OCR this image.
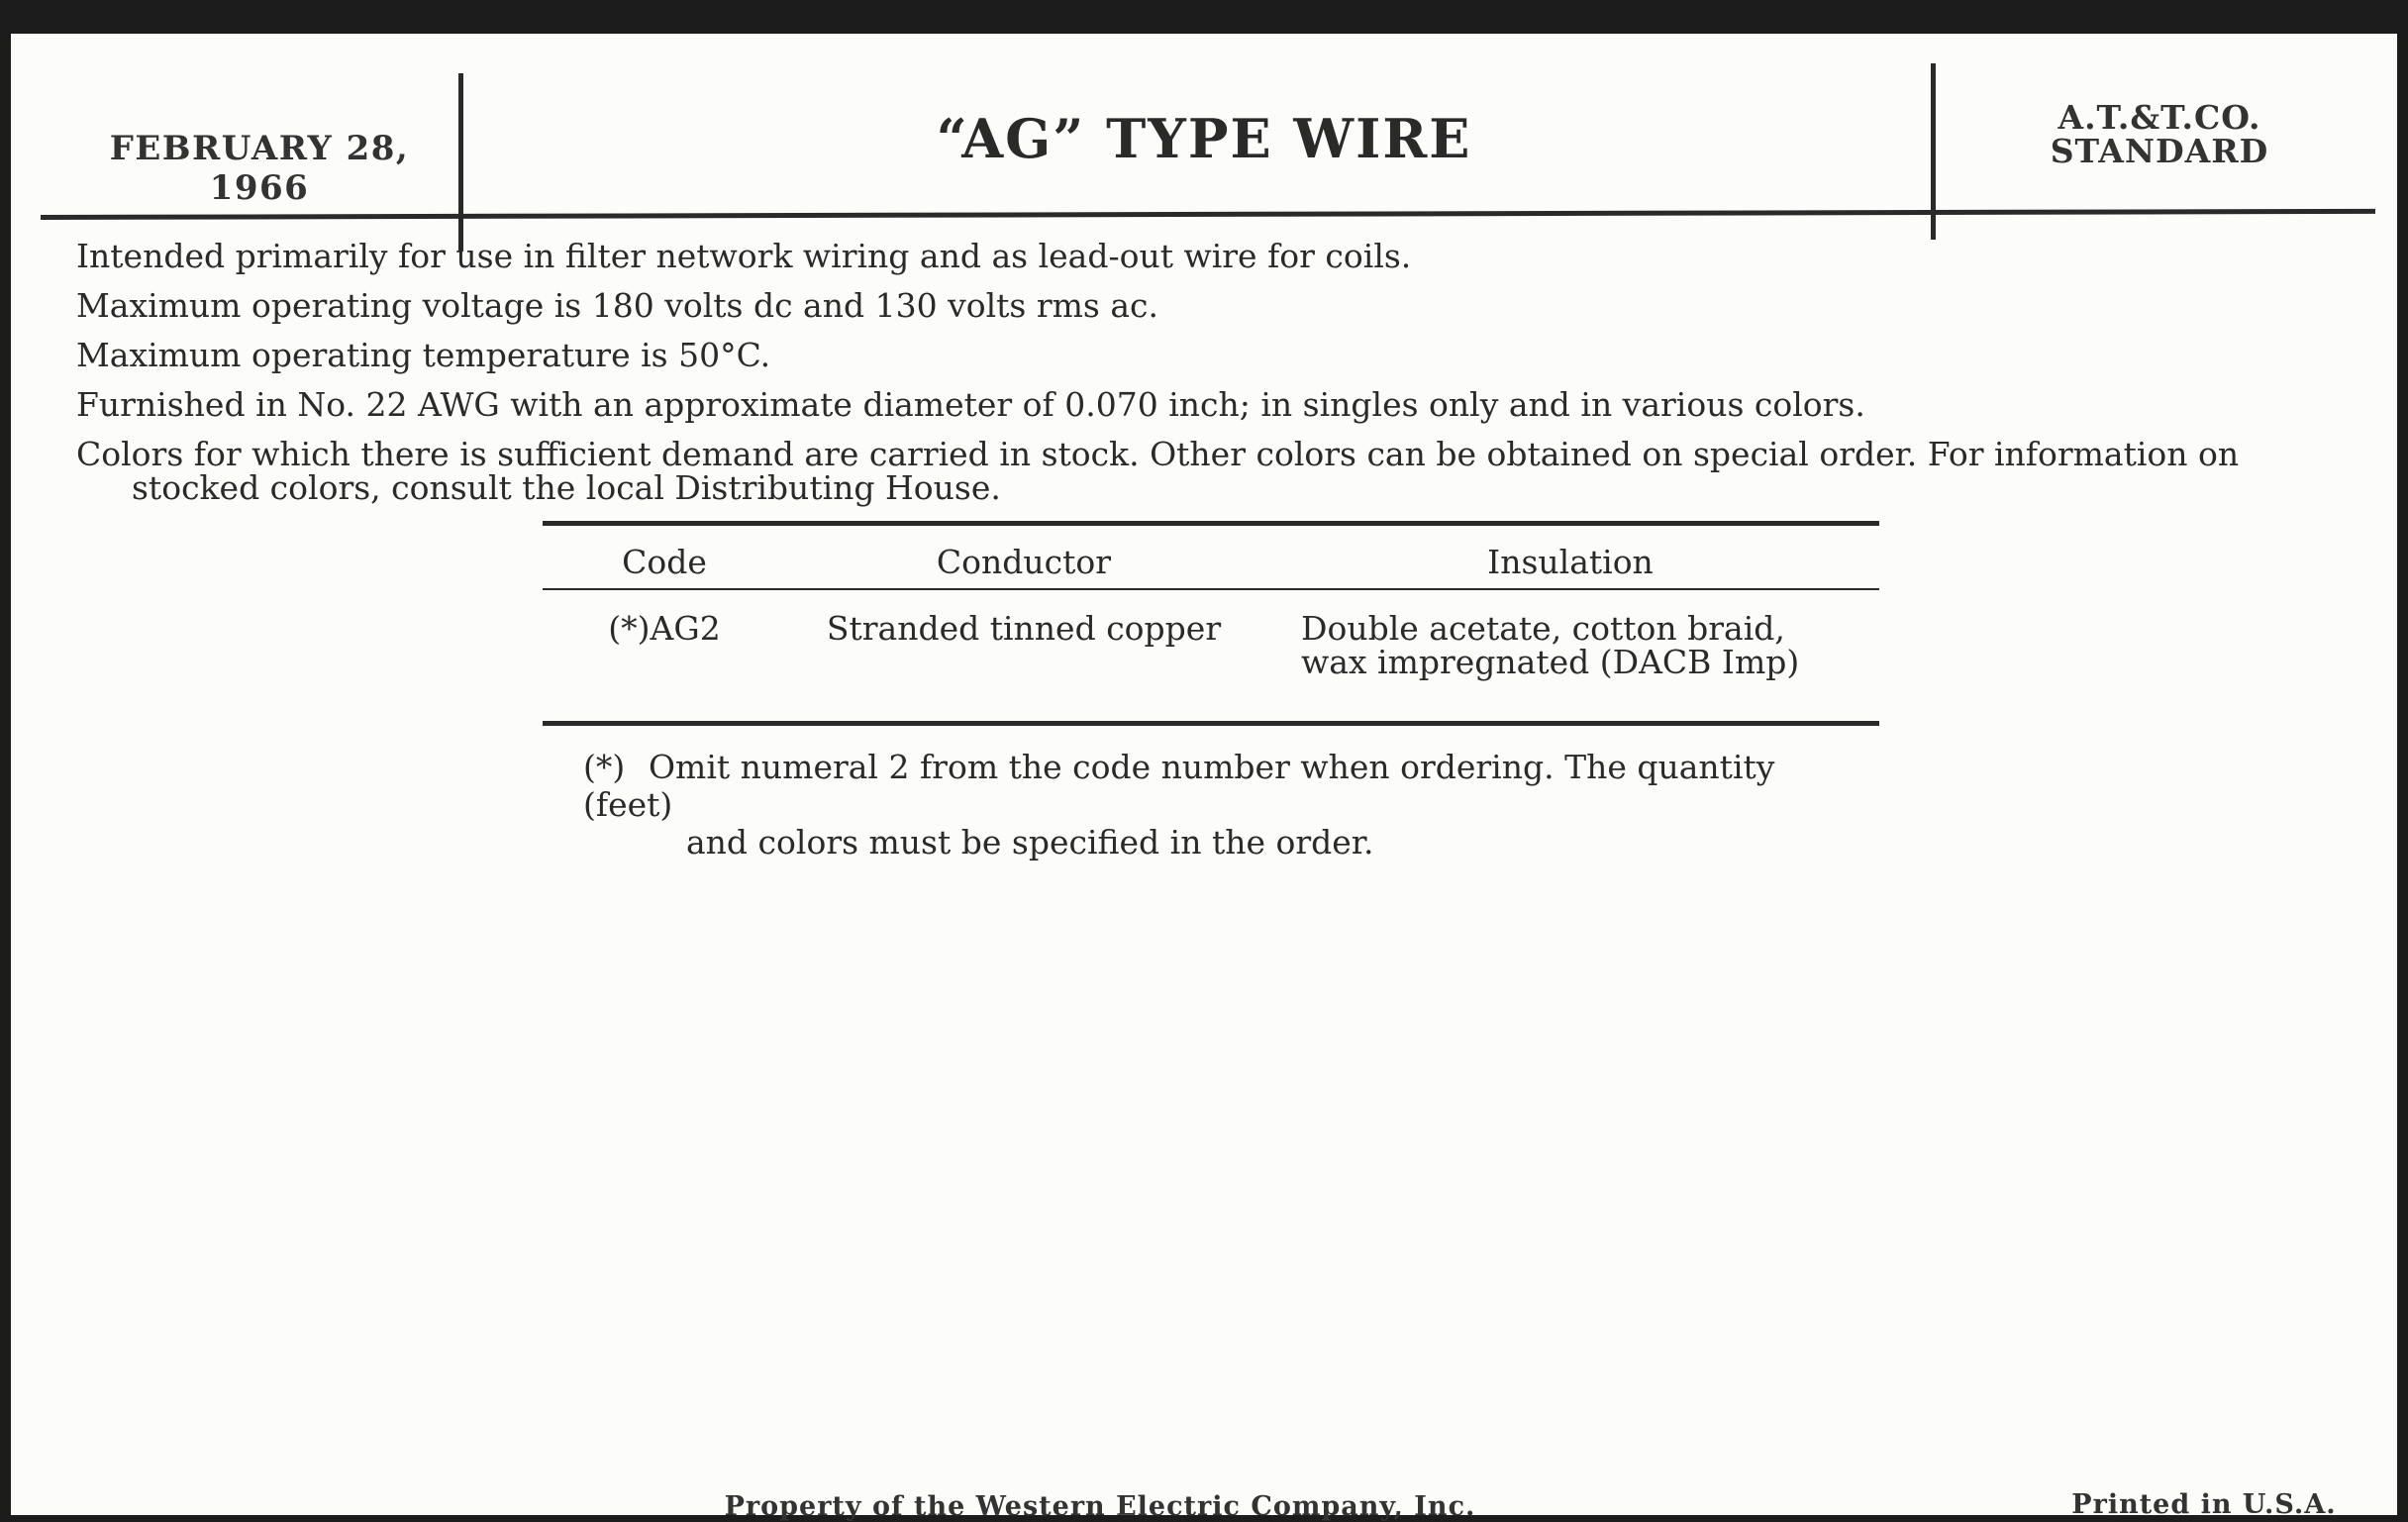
FEBRUARY 28, 1966
“AG” TYPE WIRE	A.T.&T.CO.
STANDARD

Intended primarily for use in filter network wiring and as lead-out wire for coils.

Maximum operating voltage is 180 volts dc and 130 volts rms ac.

Maximum operating temperature is 50°C.

Furnished in No. 22 AWG with an approximate diameter of 0.070 inch; in singles only and in various colors.

Colors for which there is sufficient demand are carried in stock. Other colors can be obtained on special order. For information on stocked colors, consult the local Distributing House.

Code	Conductor	Insulation
(*)AG2	Stranded tinned copper	Double acetate, cotton braid,
wax impregnated (DACB Imp)
(*) Omit numeral 2 from the code number when ordering. The quantity (feet)
and colors must be specified in the order.
Property of the Western Electric Company, Inc.	Printed in U.S.A.
